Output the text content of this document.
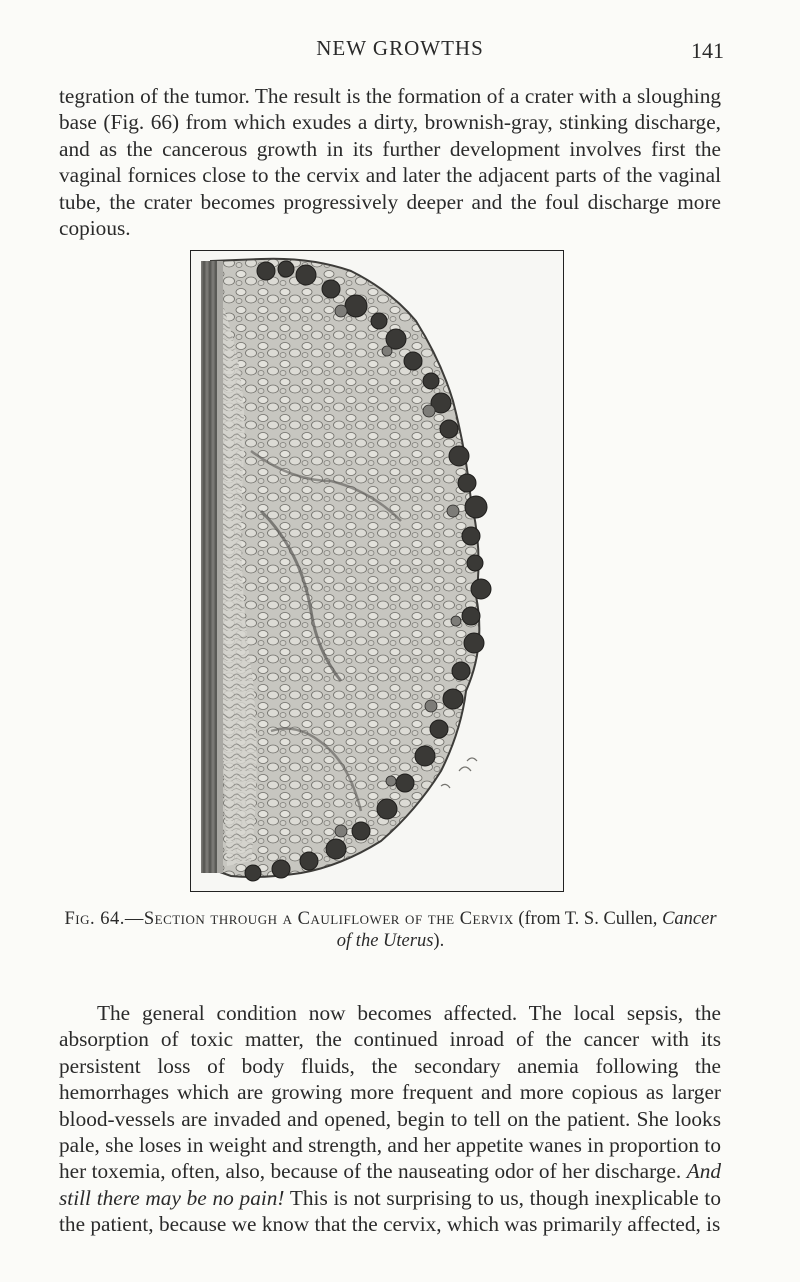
NEW GROWTHS	141

tegration of the tumor. The result is the formation of a crater with a sloughing base (Fig. 66) from which exudes a dirty, brownish-gray, stinking discharge, and as the cancerous growth in its further development involves first the vaginal fornices close to the cervix and later the adjacent parts of the vaginal tube, the crater becomes progressively deeper and the foul discharge more copious.

Fig. 64.—Section through a Cauliflower of the Cervix (from T. S. Cullen, Cancer of the Uterus).

The general condition now becomes affected. The local sepsis, the absorption of toxic matter, the continued inroad of the cancer with its persistent loss of body fluids, the secondary anemia following the hemorrhages which are growing more frequent and more copious as larger blood-vessels are invaded and opened, begin to tell on the patient. She looks pale, she loses in weight and strength, and her appetite wanes in proportion to her toxemia, often, also, because of the nauseating odor of her discharge. And still there may be no pain! This is not surprising to us, though inexplicable to the patient, because we know that the cervix, which was primarily affected, is
